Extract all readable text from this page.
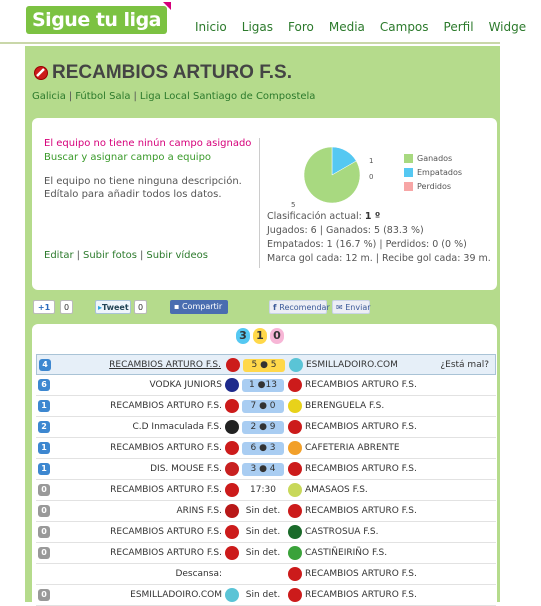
Sigue tu liga	Inicio Ligas Foro Media Campos Perfil Widge
RECAMBIOS ARTURO F.S.
Galicia | Fútbol Sala | Liga Local Santiago de Compostela
El equipo no tiene ninún campo asignado
Buscar y asignar campo a equipo
El equipo no tiene ninguna descripción. Edítalo para añadir todos los datos.
Editar | Subir fotos | Subir vídeos
1
0
5
Ganados
Empatados
Perdidos
Clasificación actual: 1 º
Jugados: 6 | Ganados: 5 (83.3 %)
Empatados: 1 (16.7 %) | Perdidos: 0 (0 %)
Marca gol cada: 12 m. | Recibe gol cada: 39 m.
+1	0	▸Tweet	0	▪ Compartir	f Recomendar ✉ Enviar
3 1 0
4	RECAMBIOS ARTURO F.S.	5 ● 5	ESMILLADOIRO.COM	¿Está mal?
6	VODKA JUNIORS	1 ●13	RECAMBIOS ARTURO F.S.
1	RECAMBIOS ARTURO F.S.	7 ● 0	BERENGUELA F.S.
2	C.D Inmaculada F.S.	2 ● 9	RECAMBIOS ARTURO F.S.
1	RECAMBIOS ARTURO F.S.	6 ● 3	CAFETERIA ABRENTE
1	DIS. MOUSE F.S.	3 ● 4	RECAMBIOS ARTURO F.S.
0	RECAMBIOS ARTURO F.S.	17:30	AMASAOS F.S.
0	ARINS F.S.	Sin det.	RECAMBIOS ARTURO F.S.
0	RECAMBIOS ARTURO F.S.	Sin det.	CASTROSUA F.S.
0	RECAMBIOS ARTURO F.S.	Sin det.	CASTIÑEIRIÑO F.S.
Descansa:	RECAMBIOS ARTURO F.S.
0	ESMILLADOIRO.COM	Sin det.	RECAMBIOS ARTURO F.S.
